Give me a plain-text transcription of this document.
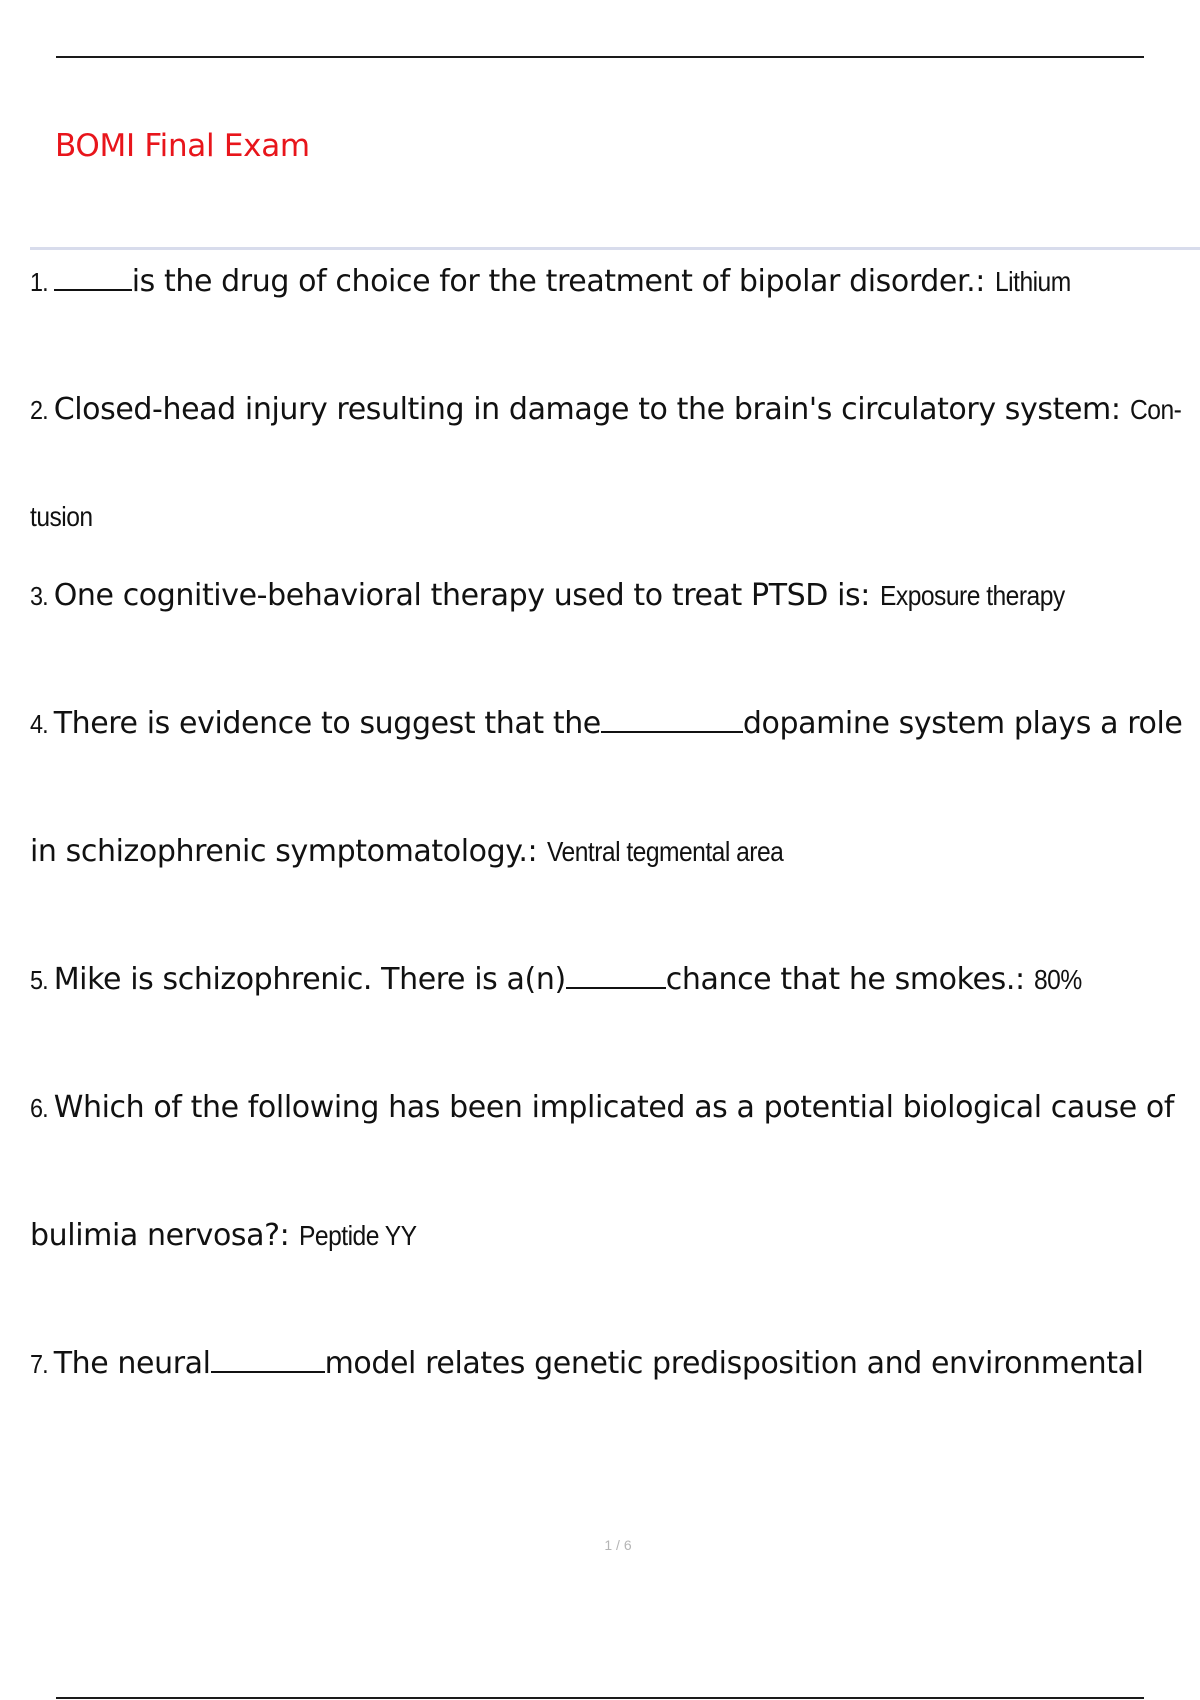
BOMI Final Exam
1.	is the drug of choice for the treatment of bipolar disorder.: Lithium
2. Closed-head injury resulting in damage to the brain's circulatory system: Con-
tusion
3. One cognitive-behavioral therapy used to treat PTSD is: Exposure therapy
4. There is evidence to suggest that the	dopamine system plays a role
in schizophrenic symptomatology.: Ventral tegmental area
5. Mike is schizophrenic. There is a(n)	chance that he smokes.: 80%
6. Which of the following has been implicated as a potential biological cause of
bulimia nervosa?: Peptide YY
7. The neural	model relates genetic predisposition and environmental
1 / 6
